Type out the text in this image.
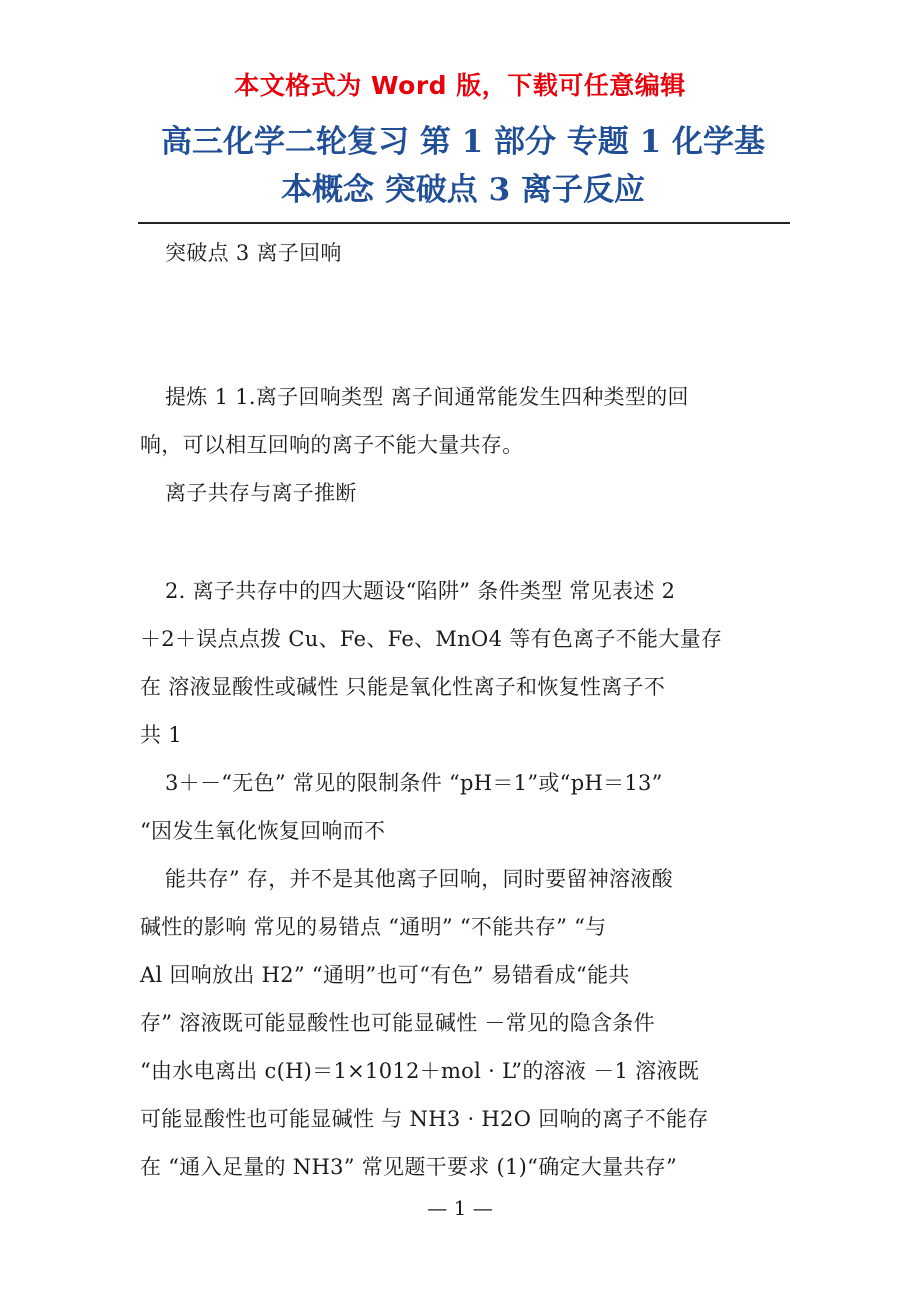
本文格式为 Word 版，下载可任意编辑
高三化学二轮复习 第 1 部分 专题 1 化学基
本概念 突破点 3 离子反应
突破点 3 离子回响
提炼 1 1.离子回响类型 离子间通常能发生四种类型的回
响，可以相互回响的离子不能大量共存。
离子共存与离子推断
2. 离子共存中的四大题设“陷阱” 条件类型 常见表述 2
＋2＋误点点拨 Cu、Fe、Fe、MnO4 等有色离子不能大量存
在 溶液显酸性或碱性 只能是氧化性离子和恢复性离子不
共 1
3＋－“无色” 常见的限制条件 “pH＝1”或“pH＝13”
“因发生氧化恢复回响而不
能共存” 存，并不是其他离子回响，同时要留神溶液酸
碱性的影响 常见的易错点 “通明” “不能共存” “与
Al 回响放出 H2” “通明”也可“有色” 易错看成“能共
存” 溶液既可能显酸性也可能显碱性 －常见的隐含条件
“由水电离出 c(H)＝1×1012＋mol · L”的溶液 －1 溶液既
可能显酸性也可能显碱性 与 NH3 · H2O 回响的离子不能存
在 “通入足量的 NH3” 常见题干要求 (1)“确定大量共存”
— 1 —
